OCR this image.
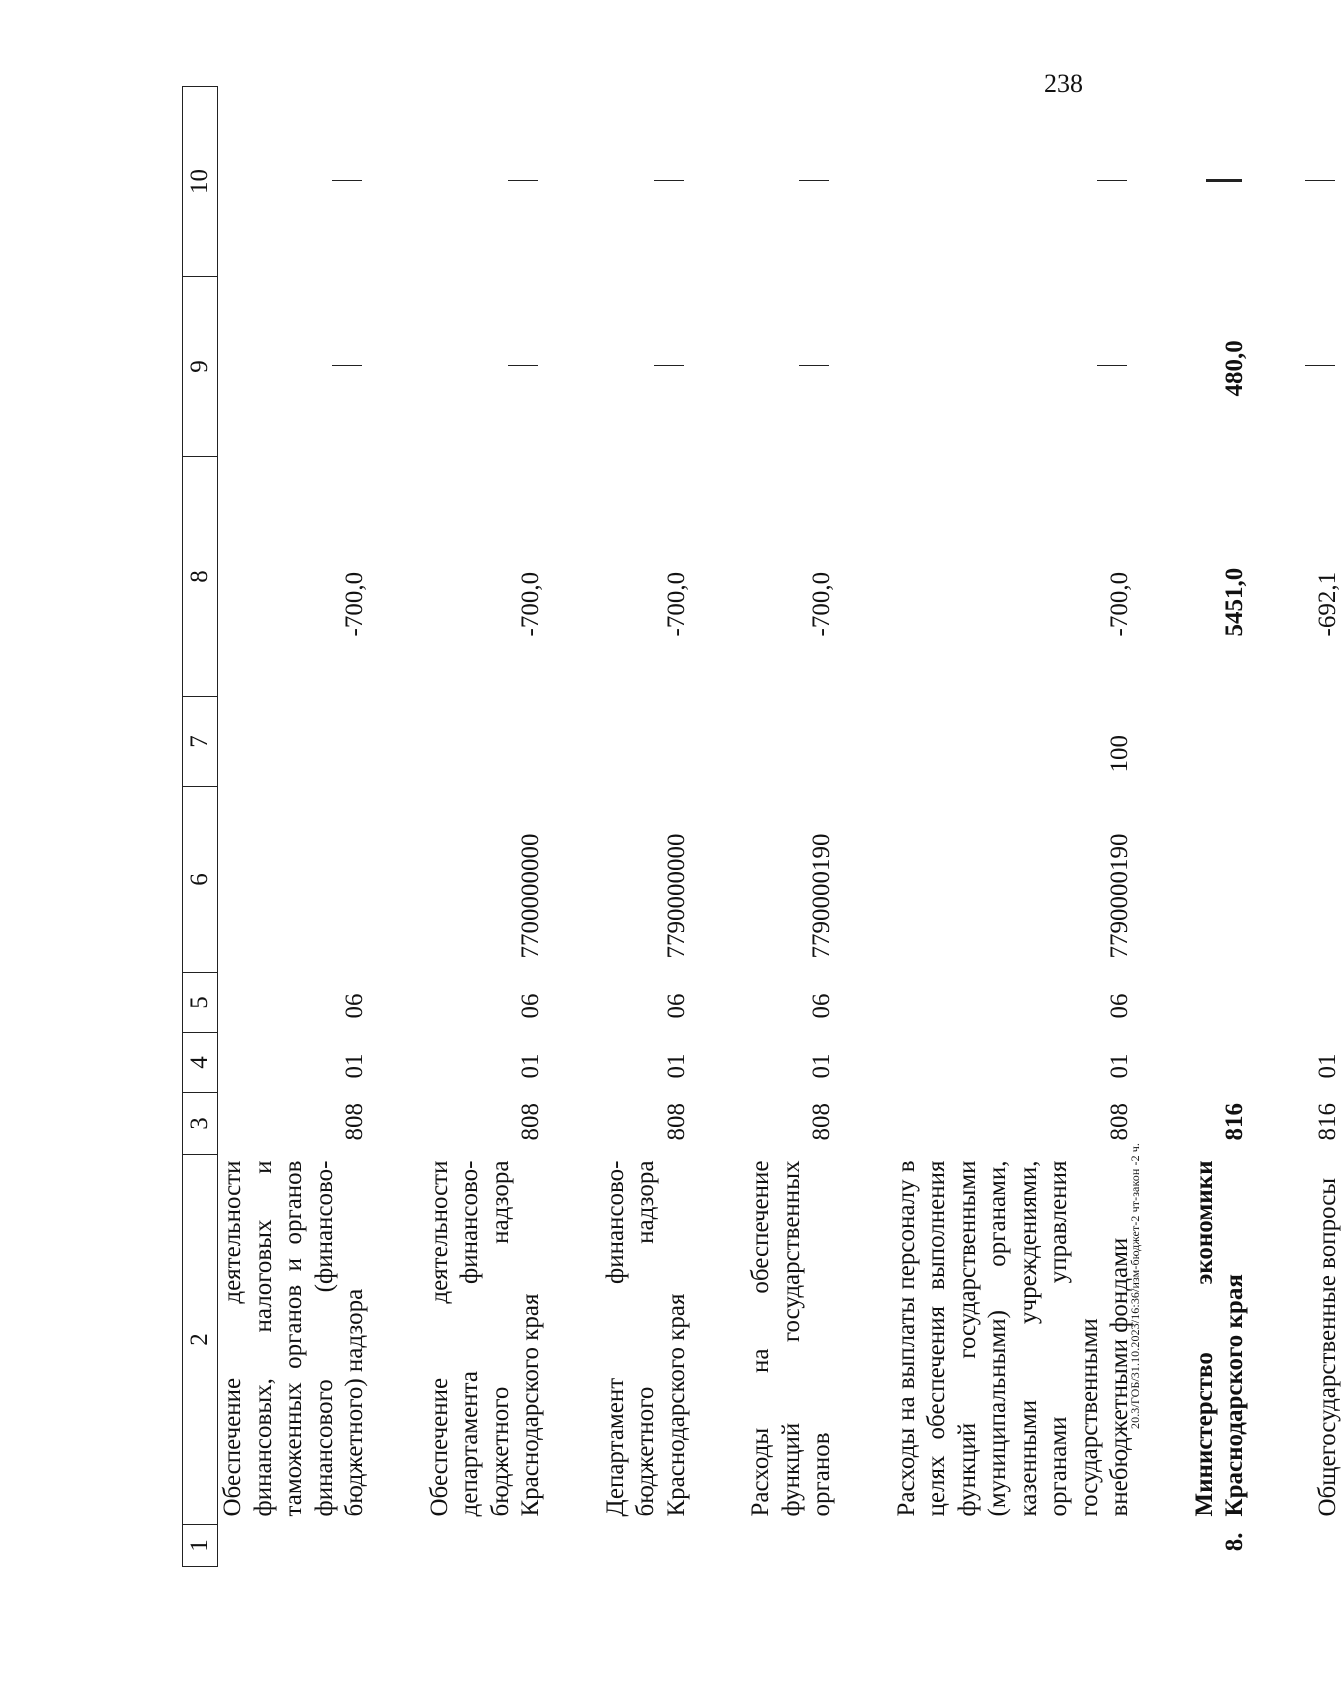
238
1	2	3	4	5	6	7	8	9	10
	Обеспечение деятельности финансовых, налоговых и таможенных органов и органов финансового (финансово-бюджетного) надзора	808	01	06			-700,0		

	Обеспечение деятельности департамента финансово-бюджетного надзора Краснодарского края	808	01	06	7700000000		-700,0		

	Департамент финансово-бюджетного надзора Краснодарского края	808	01	06	7790000000		-700,0		

	Расходы на обеспечение функций государственных органов	808	01	06	7790000190		-700,0		

	Расходы на выплаты персоналу в целях обеспечения выполнения функций государственными (муниципальными) органами, казенными учреждениями, органами управления государственными внебюджетными фондами	808	01	06	7790000190	100	-700,0		

8.	Министерство экономики Краснодарского края	816					5451,0	480,0	

	Общегосударственные вопросы	816	01				-692,1		
20.3/ГОБ/31.10.2023/16:36/изм-бюджет-2 чт-закон -2 ч.
